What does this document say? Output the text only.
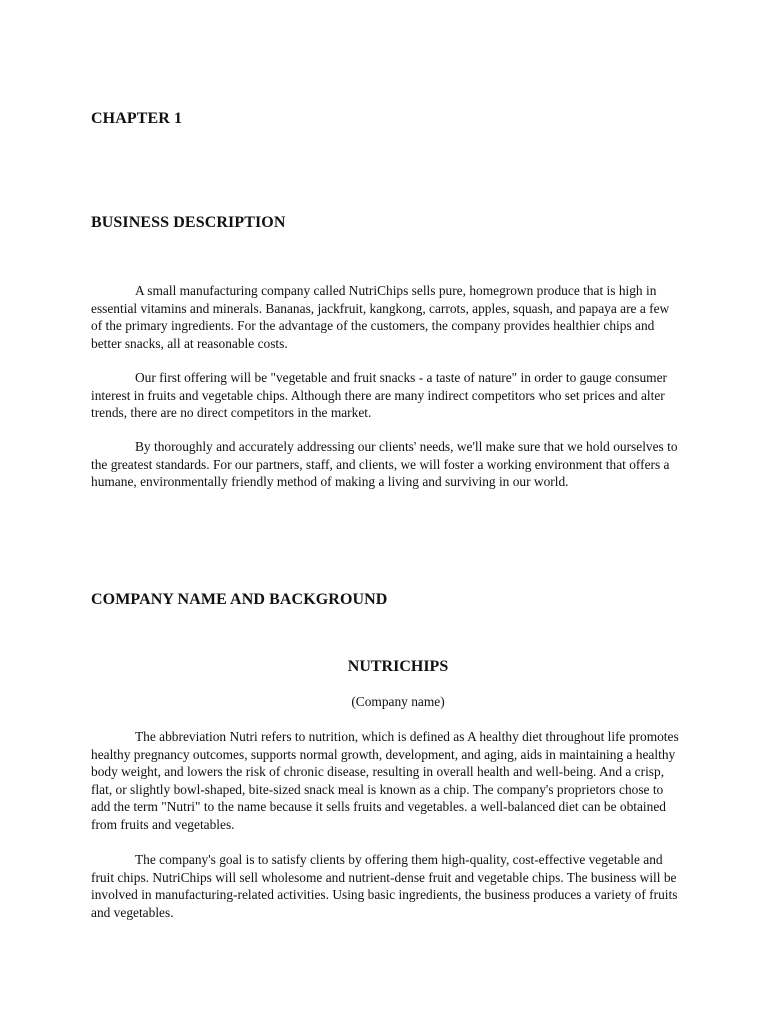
CHAPTER 1
BUSINESS DESCRIPTION

A small manufacturing company called NutriChips sells pure, homegrown produce that is high in essential vitamins and minerals. Bananas, jackfruit, kangkong, carrots, apples, squash, and papaya are a few of the primary ingredients. For the advantage of the customers, the company provides healthier chips and better snacks, all at reasonable costs.

Our first offering will be "vegetable and fruit snacks - a taste of nature" in order to gauge consumer interest in fruits and vegetable chips. Although there are many indirect competitors who set prices and alter trends, there are no direct competitors in the market.

By thoroughly and accurately addressing our clients' needs, we'll make sure that we hold ourselves to the greatest standards. For our partners, staff, and clients, we will foster a working environment that offers a humane, environmentally friendly method of making a living and surviving in our world.

COMPANY NAME AND BACKGROUND
NUTRICHIPS
(Company name)

The abbreviation Nutri refers to nutrition, which is defined as A healthy diet throughout life promotes healthy pregnancy outcomes, supports normal growth, development, and aging, aids in maintaining a healthy body weight, and lowers the risk of chronic disease, resulting in overall health and well-being. And a crisp, flat, or slightly bowl-shaped, bite-sized snack meal is known as a chip. The company's proprietors chose to add the term "Nutri" to the name because it sells fruits and vegetables. a well-balanced diet can be obtained from fruits and vegetables.

The company's goal is to satisfy clients by offering them high-quality, cost-effective vegetable and fruit chips. NutriChips will sell wholesome and nutrient-dense fruit and vegetable chips. The business will be involved in manufacturing-related activities. Using basic ingredients, the business produces a variety of fruits and vegetables.
